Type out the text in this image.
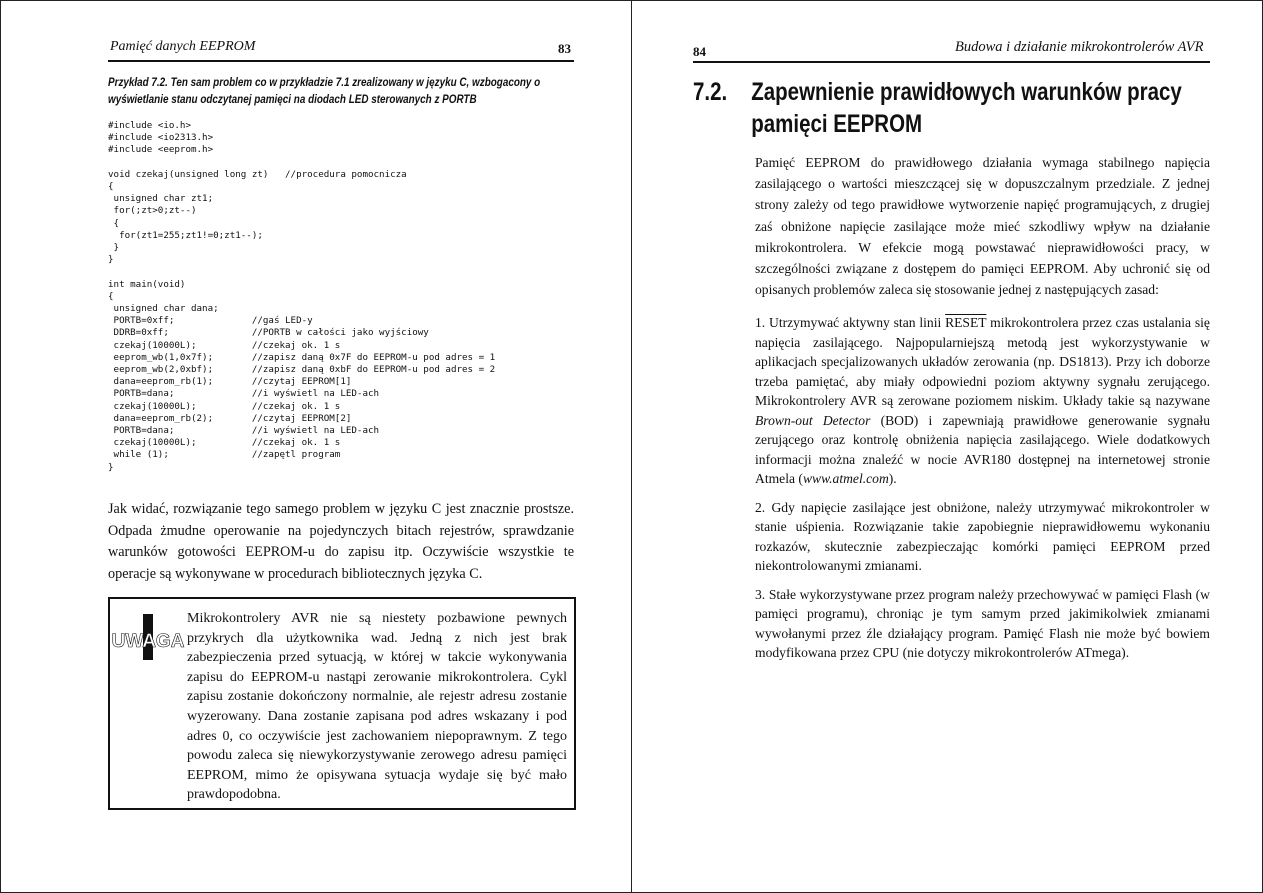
Pamięć danych EEPROM	83
Przykład 7.2. Ten sam problem co w przykładzie 7.1 zrealizowany w języku C, wzbogacony o wyświetlanie stanu odczytanej pamięci na diodach LED sterowanych z PORTB
#include <io.h>
#include <io2313.h>
#include <eeprom.h>

void czekaj(unsigned long zt)   //procedura pomocnicza
{
unsigned char zt1;
for(;zt>0;zt--)
{
for(zt1=255;zt1!=0;zt1--);
}
}

int main(void)
{
unsigned char dana;
PORTB=0xff;              //gaś LED-y
DDRB=0xff;               //PORTB w całości jako wyjściowy
czekaj(10000L);          //czekaj ok. 1 s
eeprom_wb(1,0x7f);       //zapisz daną 0x7F do EEPROM-u pod adres = 1
eeprom_wb(2,0xbf);       //zapisz daną 0xbF do EEPROM-u pod adres = 2
dana=eeprom_rb(1);       //czytaj EEPROM[1]
PORTB=dana;              //i wyświetl na LED-ach
czekaj(10000L);          //czekaj ok. 1 s
dana=eeprom_rb(2);       //czytaj EEPROM[2]
PORTB=dana;              //i wyświetl na LED-ach
czekaj(10000L);          //czekaj ok. 1 s
while (1);               //zapętl program
}
Jak widać, rozwiązanie tego samego problem w języku C jest znacznie prostsze. Odpada żmudne operowanie na pojedynczych bitach rejestrów, sprawdzanie warunków gotowości EEPROM-u do zapisu itp. Oczywiście wszystkie te operacje są wykonywane w procedurach bibliotecznych języka C.
UWAGA
Mikrokontrolery AVR nie są niestety pozbawione pewnych przykrych dla użytkownika wad. Jedną z nich jest brak zabezpieczenia przed sytuacją, w której w takcie wykonywania zapisu do EEPROM-u nastąpi zerowanie mikrokontrolera. Cykl zapisu zostanie dokończony normalnie, ale rejestr adresu zostanie wyzerowany. Dana zostanie zapisana pod adres wskazany i pod adres 0, co oczywiście jest zachowaniem niepoprawnym. Z tego powodu zaleca się niewykorzystywanie zerowego adresu pamięci EEPROM, mimo że opisywana sytuacja wydaje się być mało prawdopodobna.
84	Budowa i działanie mikrokontrolerów AVR
7.2. Zapewnienie prawidłowych warunków pracy
pamięci EEPROM
Pamięć EEPROM do prawidłowego działania wymaga stabilnego napięcia zasilającego o wartości mieszczącej się w dopuszczalnym przedziale. Z jednej strony zależy od tego prawidłowe wytworzenie napięć programujących, z drugiej zaś obniżone napięcie zasilające może mieć szkodliwy wpływ na działanie mikrokontrolera. W efekcie mogą powstawać nieprawidłowości pracy, w szczególności związane z dostępem do pamięci EEPROM. Aby uchronić się od opisanych problemów zaleca się stosowanie jednej z następujących zasad:

1. Utrzymywać aktywny stan linii RESET mikrokontrolera przez czas ustalania się napięcia zasilającego. Najpopularniejszą metodą jest wykorzystywanie w aplikacjach specjalizowanych układów zerowania (np. DS1813). Przy ich doborze trzeba pamiętać, aby miały odpowiedni poziom aktywny sygnału zerującego. Mikrokontrolery AVR są zerowane poziomem niskim. Układy takie są nazywane Brown-out Detector (BOD) i zapewniają prawidłowe generowanie sygnału zerującego oraz kontrolę obniżenia napięcia zasilającego. Wiele dodatkowych informacji można znaleźć w nocie AVR180 dostępnej na internetowej stronie Atmela (www.atmel.com).

2. Gdy napięcie zasilające jest obniżone, należy utrzymywać mikrokontroler w stanie uśpienia. Rozwiązanie takie zapobiegnie nieprawidłowemu wykonaniu rozkazów, skutecznie zabezpieczając komórki pamięci EEPROM przed niekontrolowanymi zmianami.

3. Stałe wykorzystywane przez program należy przechowywać w pamięci Flash (w pamięci programu), chroniąc je tym samym przed jakimikolwiek zmianami wywołanymi przez źle działający program. Pamięć Flash nie może być bowiem modyfikowana przez CPU (nie dotyczy mikrokontrolerów ATmega).
